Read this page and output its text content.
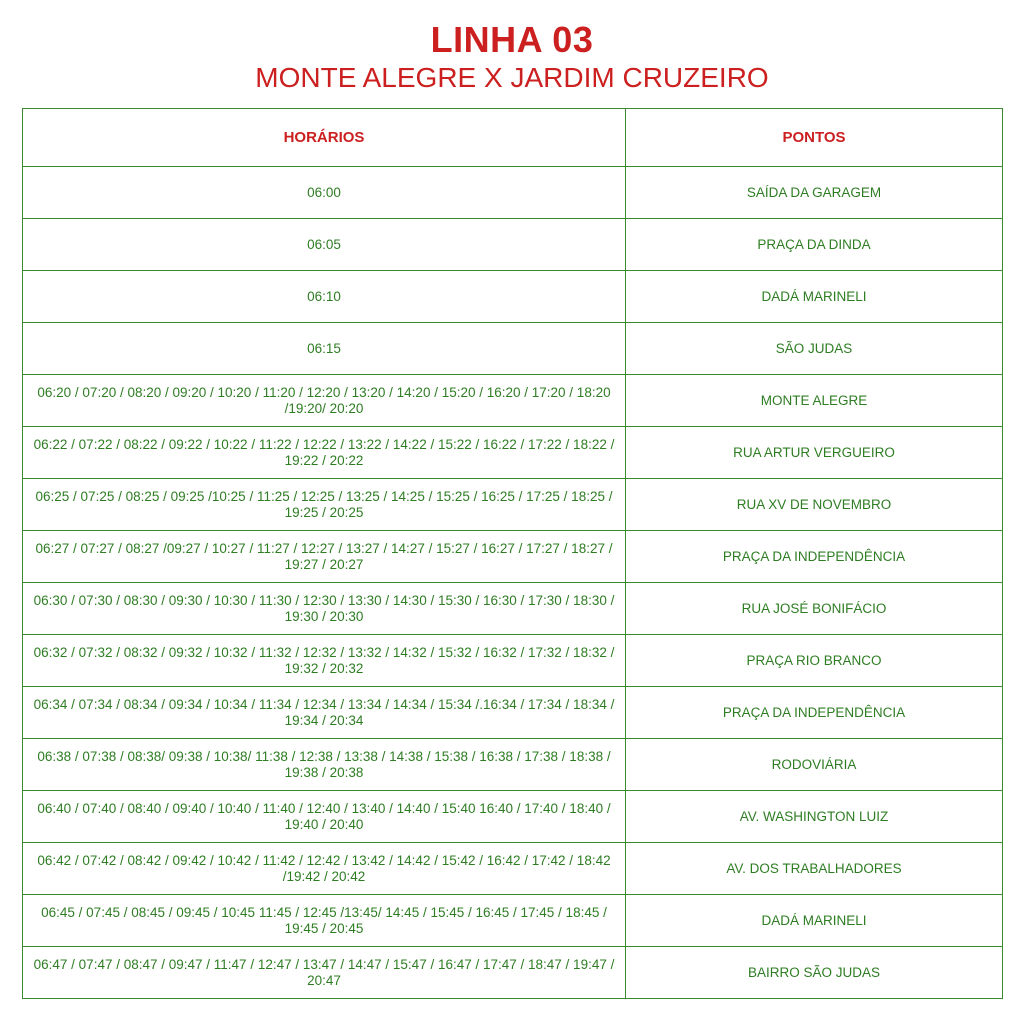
LINHA 03
MONTE ALEGRE X JARDIM CRUZEIRO
HORÁRIOS	PONTOS
06:00	SAÍDA DA GARAGEM
06:05	PRAÇA DA DINDA
06:10	DADÁ MARINELI
06:15	SÃO JUDAS
06:20 / 07:20 / 08:20 / 09:20 / 10:20 / 11:20 / 12:20 / 13:20 / 14:20 / 15:20 / 16:20 / 17:20 / 18:20 /19:20/ 20:20	MONTE ALEGRE
06:22 / 07:22 / 08:22 / 09:22 / 10:22 / 11:22 / 12:22 / 13:22 / 14:22 / 15:22 / 16:22 / 17:22 / 18:22 / 19:22 / 20:22	RUA ARTUR VERGUEIRO
06:25 / 07:25 / 08:25 / 09:25 /10:25 / 11:25 / 12:25 / 13:25 / 14:25 / 15:25 / 16:25 / 17:25 / 18:25 / 19:25 / 20:25	RUA XV DE NOVEMBRO
06:27 / 07:27 / 08:27 /09:27 / 10:27 / 11:27 / 12:27 / 13:27 / 14:27 / 15:27 / 16:27 / 17:27 / 18:27 / 19:27 / 20:27	PRAÇA DA INDEPENDÊNCIA
06:30 / 07:30 / 08:30 / 09:30 / 10:30 / 11:30 / 12:30 / 13:30 / 14:30 / 15:30 / 16:30 / 17:30 / 18:30 / 19:30 / 20:30	RUA JOSÉ BONIFÁCIO
06:32 / 07:32 / 08:32 / 09:32 / 10:32 / 11:32 / 12:32 / 13:32 / 14:32 / 15:32 / 16:32 / 17:32 / 18:32 / 19:32 / 20:32	PRAÇA RIO BRANCO
06:34 / 07:34 / 08:34 / 09:34 / 10:34 / 11:34 / 12:34 / 13:34 / 14:34 / 15:34 /.16:34 / 17:34 / 18:34 / 19:34 / 20:34	PRAÇA DA INDEPENDÊNCIA
06:38 / 07:38 / 08:38/ 09:38 / 10:38/ 11:38 / 12:38 / 13:38 / 14:38 / 15:38 / 16:38 / 17:38 / 18:38 / 19:38 / 20:38	RODOVIÁRIA
06:40 / 07:40 / 08:40 / 09:40 / 10:40 / 11:40 / 12:40 / 13:40 / 14:40 / 15:40 16:40 / 17:40 / 18:40 / 19:40 / 20:40	AV. WASHINGTON LUIZ
06:42 / 07:42 / 08:42 / 09:42 / 10:42 / 11:42 / 12:42 / 13:42 / 14:42 / 15:42 / 16:42 / 17:42 / 18:42 /19:42 / 20:42	AV. DOS TRABALHADORES
06:45 / 07:45 / 08:45 / 09:45 / 10:45 11:45 / 12:45 /13:45/ 14:45 / 15:45 / 16:45 / 17:45 / 18:45 / 19:45 / 20:45	DADÁ MARINELI
06:47 / 07:47 / 08:47 / 09:47 / 11:47 / 12:47 / 13:47 / 14:47 / 15:47 / 16:47 / 17:47 / 18:47 / 19:47 / 20:47	BAIRRO SÃO JUDAS
